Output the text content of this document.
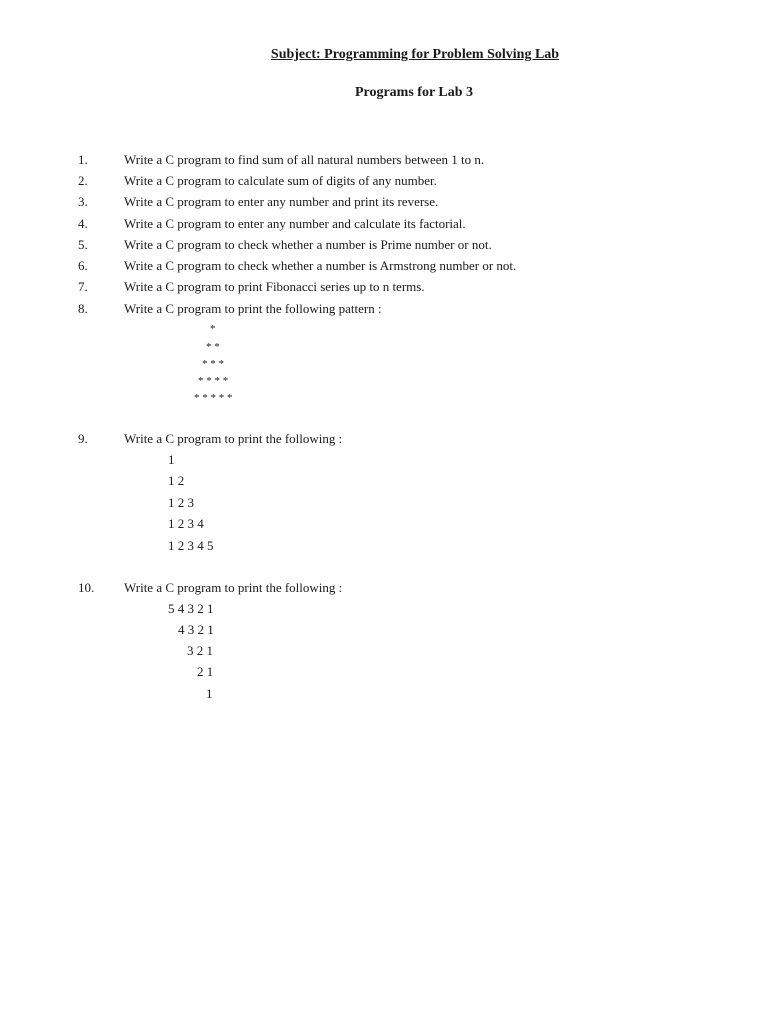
Subject: Programming for Problem Solving Lab
Programs for Lab 3
1.	Write a C program to find sum of all natural numbers between 1 to n.
2.	Write a C program to calculate sum of digits of any number.
3.	Write a C program to enter any number and print its reverse.
4.	Write a C program to enter any number and calculate its factorial.
5.	Write a C program to check whether a number is Prime number or not.
6.	Write a C program to check whether a number is Armstrong number or not.
7.	Write a C program to print Fibonacci series up to n terms.
8.	Write a C program to print the following pattern :
*
* *
* * *
* * * *
* * * * *
9.	Write a C program to print the following :
1
1 2
1 2 3
1 2 3 4
1 2 3 4 5
10. Write a C program to print the following :
5 4 3 2 1
4 3 2 1
3 2 1
2 1
1
